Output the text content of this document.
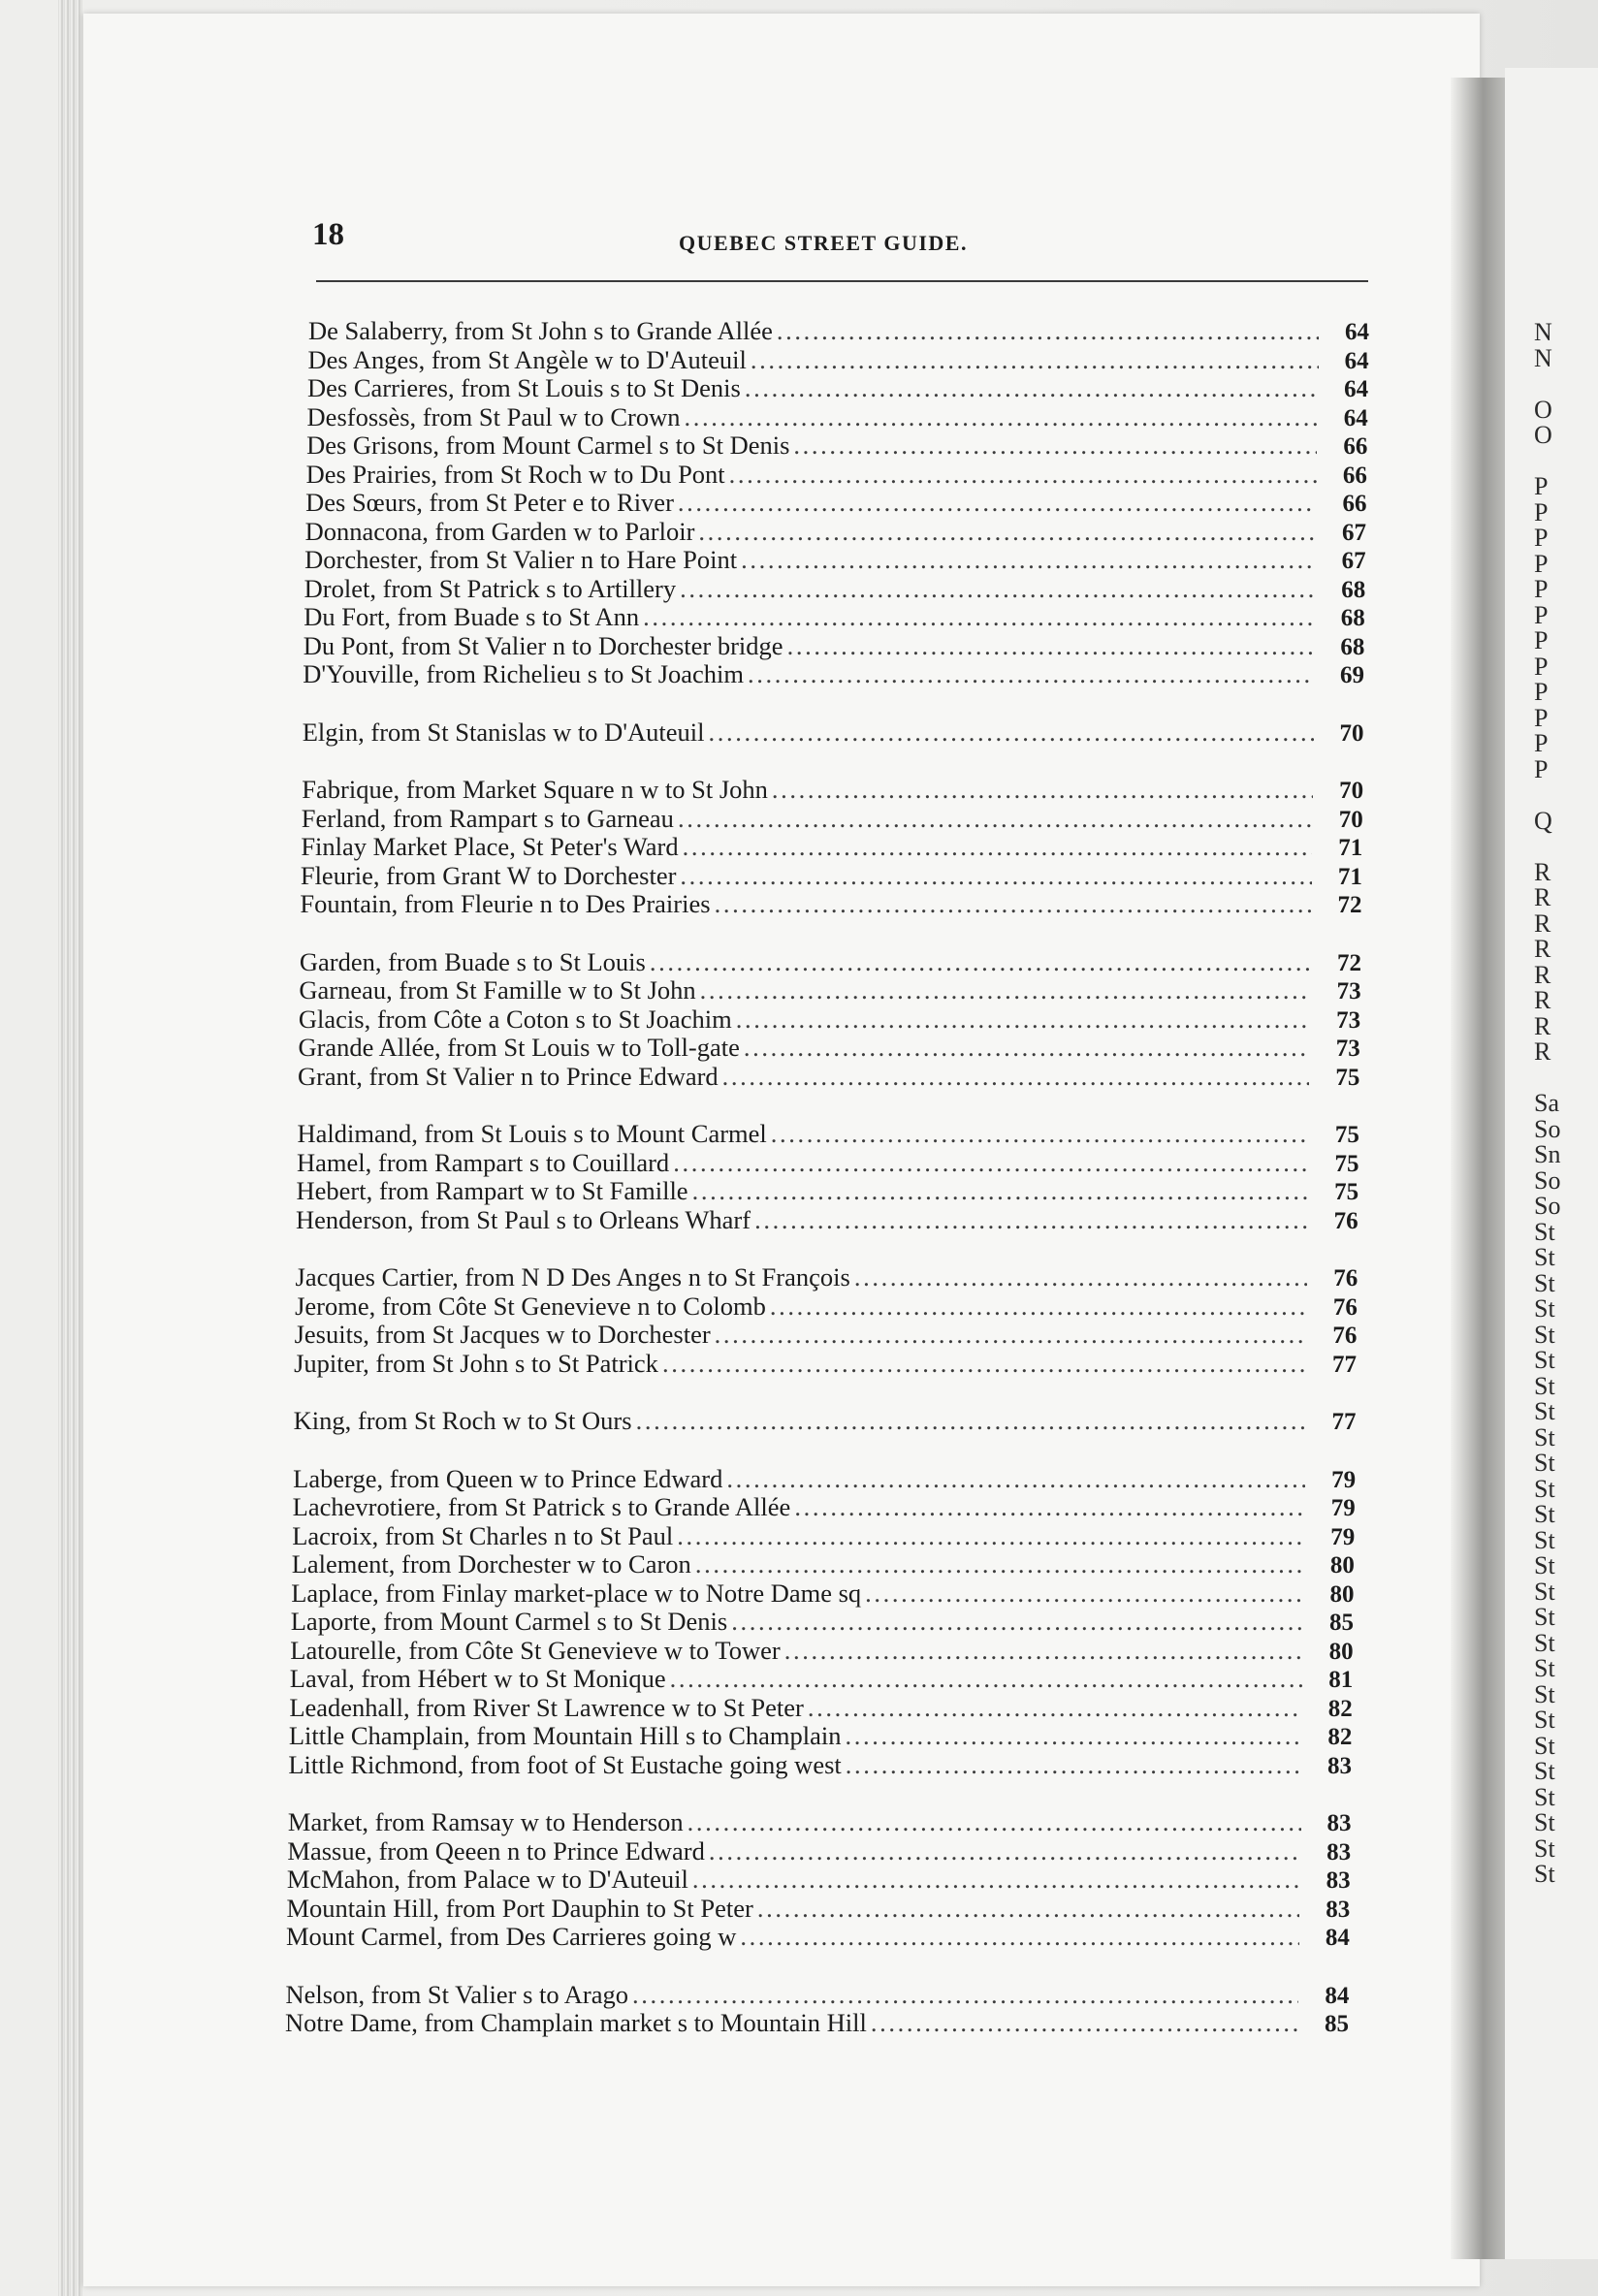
N
N
O
O
P
P
P
P
P
P
P
P
P
P
P
P
Q
R
R
R
R
R
R
R
R
Sa
So
Sn
So
So
St
St
St
St
St
St
St
St
St
St
St
St
St
St
St
St
St
St
St
St
St
St
St
St
St
St
18	QUEBEC STREET GUIDE.
De Salaberry, from St John s to Grande Allée . . .	64
Des Anges, from St Angèle w to D'Auteuil . . .	64
Des Carrieres, from St Louis s to St Denis . . .	64
Desfossès, from St Paul w to Crown . . .	64
Des Grisons, from Mount Carmel s to St Denis . . .	66
Des Prairies, from St Roch w to Du Pont . . .	66
Des Sœurs, from St Peter e to River . . .	66
Donnacona, from Garden w to Parloir . . .	67
Dorchester, from St Valier n to Hare Point . . .	67
Drolet, from St Patrick s to Artillery . . .	68
Du Fort, from Buade s to St Ann . . .	68
Du Pont, from St Valier n to Dorchester bridge . . .	68
D'Youville, from Richelieu s to St Joachim . . .	69
Elgin, from St Stanislas w to D'Auteuil . . .	70
Fabrique, from Market Square n w to St John . . .	70
Ferland, from Rampart s to Garneau . . .	70
Finlay Market Place, St Peter's Ward . . .	71
Fleurie, from Grant W to Dorchester . . .	71
Fountain, from Fleurie n to Des Prairies . . .	72
Garden, from Buade s to St Louis . . .	72
Garneau, from St Famille w to St John . . .	73
Glacis, from Côte a Coton s to St Joachim . . .	73
Grande Allée, from St Louis w to Toll-gate . . .	73
Grant, from St Valier n to Prince Edward . . .	75
Haldimand, from St Louis s to Mount Carmel . . .	75
Hamel, from Rampart s to Couillard . . .	75
Hebert, from Rampart w to St Famille . . .	75
Henderson, from St Paul s to Orleans Wharf . . .	76
Jacques Cartier, from N D Des Anges n to St François . . .	76
Jerome, from Côte St Genevieve n to Colomb . . .	76
Jesuits, from St Jacques w to Dorchester . . .	76
Jupiter, from St John s to St Patrick . . .	77
King, from St Roch w to St Ours . . .	77
Laberge, from Queen w to Prince Edward . . .	79
Lachevrotiere, from St Patrick s to Grande Allée . . .	79
Lacroix, from St Charles n to St Paul . . .	79
Lalement, from Dorchester w to Caron . . .	80
Laplace, from Finlay market-place w to Notre Dame sq . . .	80
Laporte, from Mount Carmel s to St Denis . . .	85
Latourelle, from Côte St Genevieve w to Tower . . .	80
Laval, from Hébert w to St Monique . . .	81
Leadenhall, from River St Lawrence w to St Peter . . .	82
Little Champlain, from Mountain Hill s to Champlain . . .	82
Little Richmond, from foot of St Eustache going west . . .	83
Market, from Ramsay w to Henderson . . .	83
Massue, from Qeeen n to Prince Edward . . .	83
McMahon, from Palace w to D'Auteuil . . .	83
Mountain Hill, from Port Dauphin to St Peter . . .	83
Mount Carmel, from Des Carrieres going w . . .	84
Nelson, from St Valier s to Arago . . .	84
Notre Dame, from Champlain market s to Mountain Hill . . .	85
